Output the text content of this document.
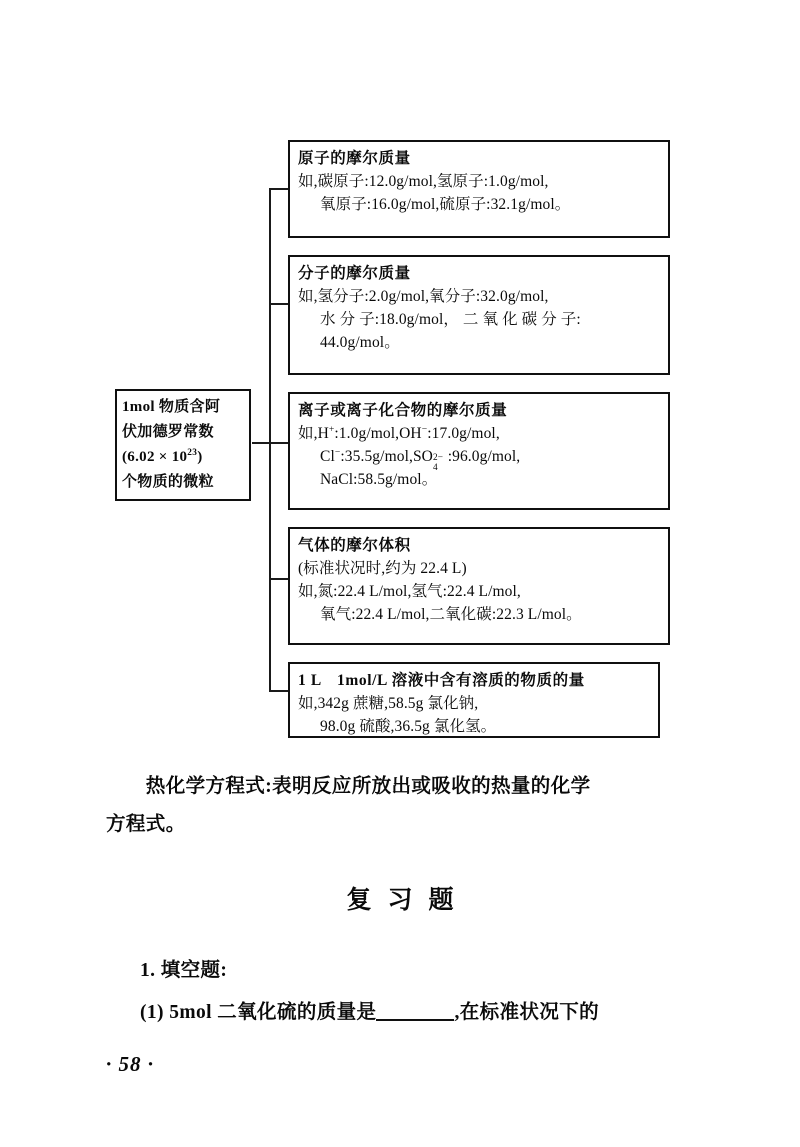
1mol 物质含阿
伏加德罗常数
$(6.02 \times 10^{23})$
个物质的微粒
原子的摩尔质量
如,碳原子:12.0g/mol,氢原子:1.0g/mol,
氧原子:16.0g/mol,硫原子:32.1g/mol。
分子的摩尔质量
如,氢分子:2.0g/mol,氧分子:32.0g/mol,
水 分 子:18.0g/mol， 二 氧 化 碳 分 子:
44.0g/mol。
离子或离子化合物的摩尔质量
如,H+:1.0g/mol,OH−:17.0g/mol,
Cl−:35.5g/mol,SO 2−
4
:96.0g/mol,
NaCl:58.5g/mol。
气体的摩尔体积
(标准状况时,约为 22.4 L)
如,氮:22.4 L/mol,氢气:22.4 L/mol,
氧气:22.4 L/mol,二氧化碳:22.3 L/mol。
1 L　1mol/L 溶液中含有溶质的物质的量
如,342g 蔗糖,58.5g 氯化钠,
98.0g 硫酸,36.5g 氯化氢。
　　热化学方程式:表明反应所放出或吸收的热量的化学
方程式。
复习题
1. 填空题:
(1) 5mol 二氧化硫的质量是	,在标准状况下的
· 58 ·
